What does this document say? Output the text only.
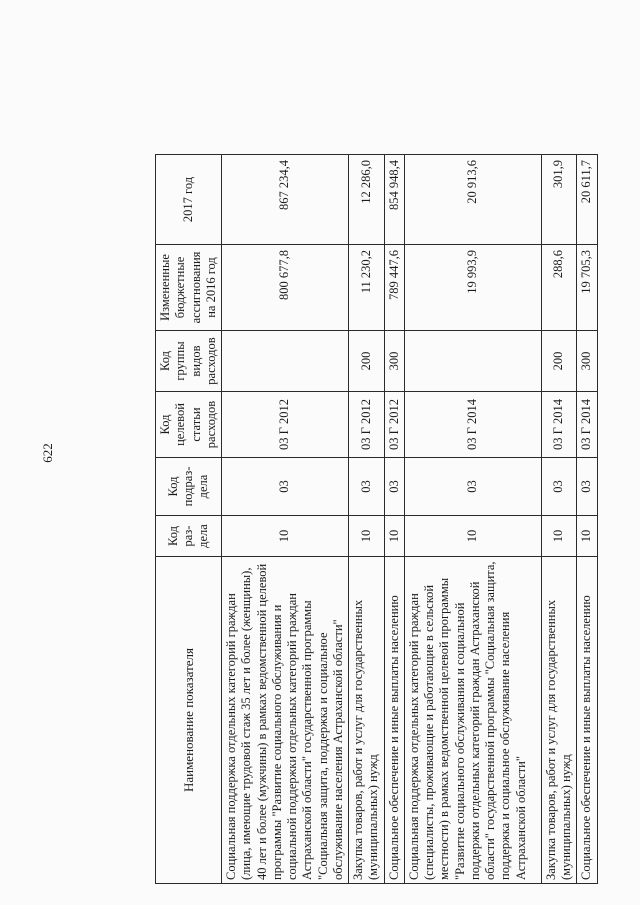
622
Наименование показателя	Код раз- дела	Код подраз- дела	Код целевой статьи расходов	Код группы видов расходов	Измененные бюджетные ассигнования на 2016 год	2017 год
Социальная поддержка отдельных категорий граждан (лица, имеющие трудовой стаж 35 лет и более (женщины), 40 лет и более (мужчины) в рамках ведомственной целевой программы "Развитие социального обслуживания и социальной поддержки отдельных категорий граждан Астраханской области" государственной программы "Социальная защита, поддержка и социальное обслуживание населения Астраханской области"	10	03	03 Г 2012		800 677,8	867 234,4
Закупка товаров, работ и услуг для государственных (муниципальных) нужд	10	03	03 Г 2012	200	11 230,2	12 286,0
Социальное обеспечение и иные выплаты населению	10	03	03 Г 2012	300	789 447,6	854 948,4
Социальная поддержка отдельных категорий граждан (специалисты, проживающие и работающие в сельской местности) в рамках ведомственной целевой программы "Развитие социального обслуживания и социальной поддержки отдельных категорий граждан Астраханской области" государственной программы "Социальная защита, поддержка и социальное обслуживание населения Астраханской области"	10	03	03 Г 2014		19 993,9	20 913,6
Закупка товаров, работ и услуг для государственных (муниципальных) нужд	10	03	03 Г 2014	200	288,6	301,9
Социальное обеспечение и иные выплаты населению	10	03	03 Г 2014	300	19 705,3	20 611,7
